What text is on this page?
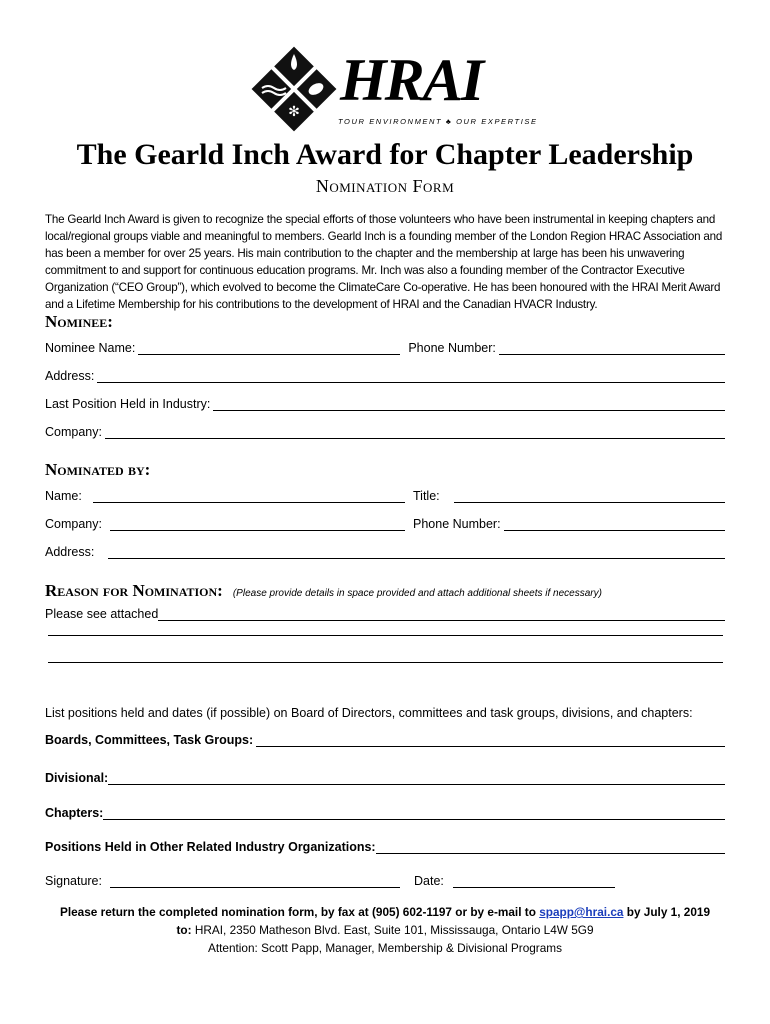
✻ HRAI
TOUR ENVIRONMENT ♣ OUR EXPERTISE
The Gearld Inch Award for Chapter Leadership
Nomination Form
The Gearld Inch Award is given to recognize the special efforts of those volunteers who have been instrumental in keeping chapters and local/regional groups viable and meaningful to members. Gearld Inch is a founding member of the London Region HRAC Association and has been a member for over 25 years. His main contribution to the chapter and the membership at large has been his unwavering commitment to and support for continuous education programs. Mr. Inch was also a founding member of the Contractor Executive Organization (“CEO Group”), which evolved to become the ClimateCare Co-operative. He has been honoured with the HRAI Merit Award and a Lifetime Membership for his contributions to the development of HRAI and the Canadian HVACR Industry.
Nominee:
Nominee Name:	Phone Number:
Address:
Last Position Held in Industry:
Company:
Nominated by:
Name:	Title:
Company:	Phone Number:
Address:
Reason for Nomination: (Please provide details in space provided and attach additional sheets if necessary)
Please see attached
List positions held and dates (if possible) on Board of Directors, committees and task groups, divisions, and chapters:
Boards, Committees, Task Groups:
Divisional:
Chapters:
Positions Held in Other Related Industry Organizations:
Signature:	Date:
Please return the completed nomination form, by fax at (905) 602-1197 or by e-mail to spapp@hrai.ca by July 1, 2019
to: HRAI, 2350 Matheson Blvd. East, Suite 101, Mississauga, Ontario L4W 5G9
Attention: Scott Papp, Manager, Membership & Divisional Programs
